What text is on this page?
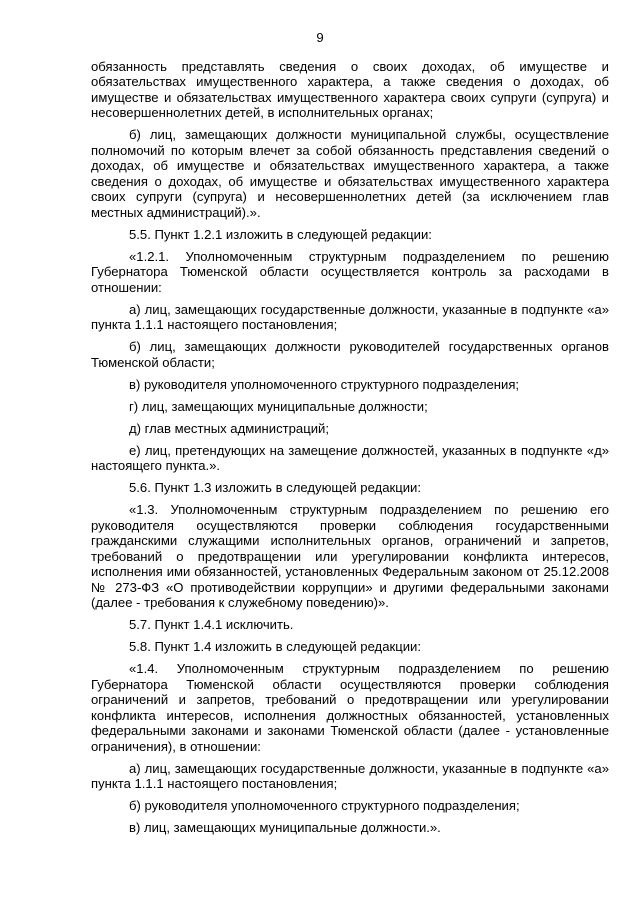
9

обязанность представлять сведения о своих доходах, об имуществе и обязательствах имущественного характера, а также сведения о доходах, об имуществе и обязательствах имущественного характера своих супруги (супруга) и несовершеннолетних детей, в исполнительных органах;

б) лиц, замещающих должности муниципальной службы, осуществление полномочий по которым влечет за собой обязанность представления сведений о доходах, об имуществе и обязательствах имущественного характера, а также сведения о доходах, об имуществе и обязательствах имущественного характера своих супруги (супруга) и несовершеннолетних детей (за исключением глав местных администраций).».

5.5. Пункт 1.2.1 изложить в следующей редакции:

«1.2.1. Уполномоченным структурным подразделением по решению Губернатора Тюменской области осуществляется контроль за расходами в отношении:

а) лиц, замещающих государственные должности, указанные в подпункте «а» пункта 1.1.1 настоящего постановления;

б) лиц, замещающих должности руководителей государственных органов Тюменской области;

в) руководителя уполномоченного структурного подразделения;

г) лиц, замещающих муниципальные должности;

д) глав местных администраций;

е) лиц, претендующих на замещение должностей, указанных в подпункте «д» настоящего пункта.».

5.6. Пункт 1.3 изложить в следующей редакции:

«1.3. Уполномоченным структурным подразделением по решению его руководителя осуществляются проверки соблюдения государственными гражданскими служащими исполнительных органов, ограничений и запретов, требований о предотвращении или урегулировании конфликта интересов, исполнения ими обязанностей, установленных Федеральным законом от 25.12.2008 № 273-ФЗ «О противодействии коррупции» и другими федеральными законами (далее - требования к служебному поведению)».

5.7. Пункт 1.4.1 исключить.

5.8. Пункт 1.4 изложить в следующей редакции:

«1.4. Уполномоченным структурным подразделением по решению Губернатора Тюменской области осуществляются проверки соблюдения ограничений и запретов, требований о предотвращении или урегулировании конфликта интересов, исполнения должностных обязанностей, установленных федеральными законами и законами Тюменской области (далее - установленные ограничения), в отношении:

а) лиц, замещающих государственные должности, указанные в подпункте «а» пункта 1.1.1 настоящего постановления;

б) руководителя уполномоченного структурного подразделения;

в) лиц, замещающих муниципальные должности.».
